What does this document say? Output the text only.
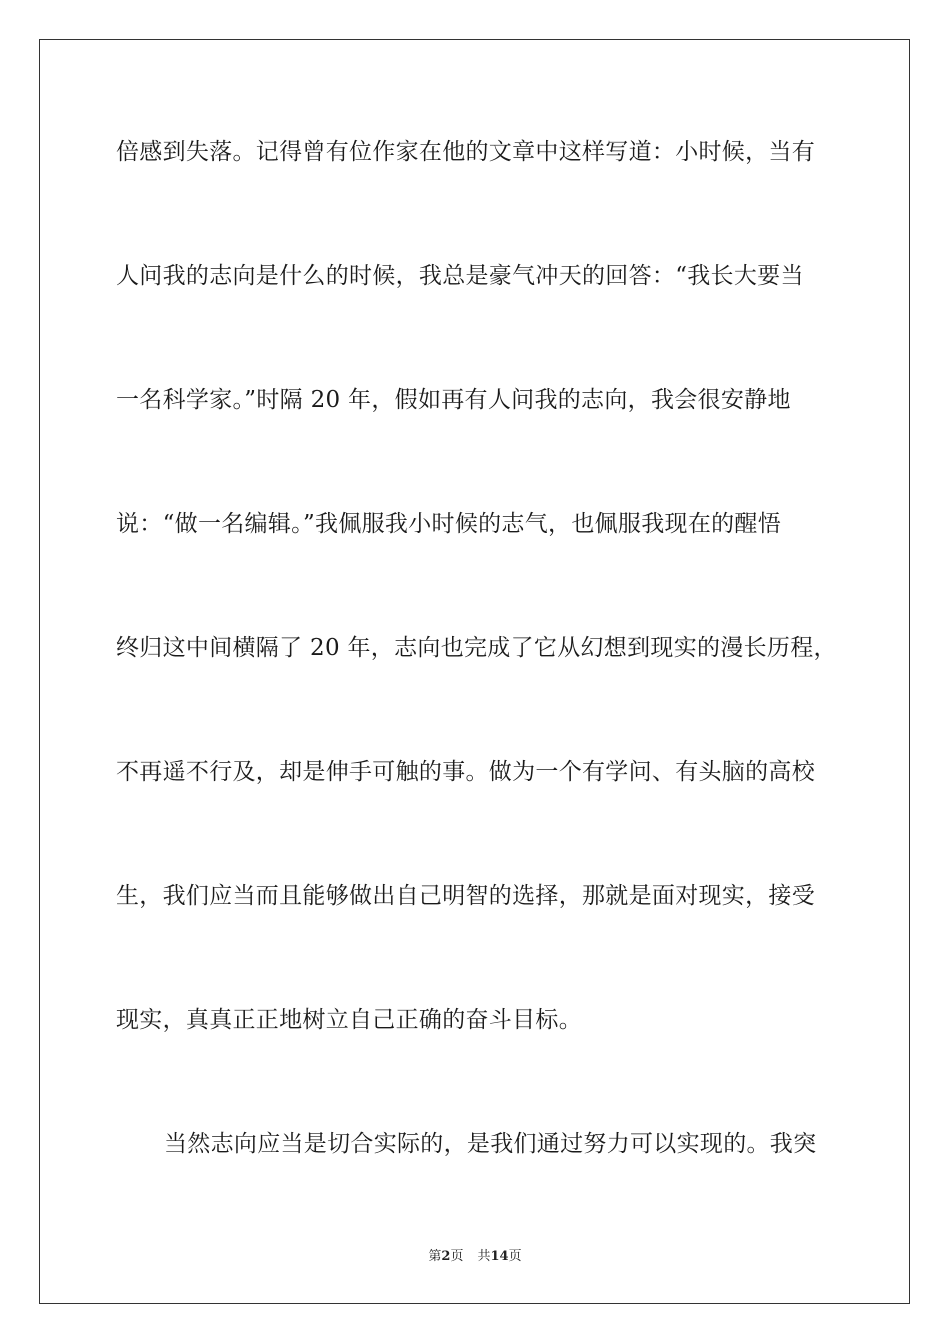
倍感到失落。记得曾有位作家在他的文章中这样写道：小时候，当有
人问我的志向是什么的时候，我总是豪气冲天的回答：“我长大要当
一名科学家。”时隔 20 年，假如再有人问我的志向，我会很安静地
说：“做一名编辑。”我佩服我小时候的志气，也佩服我现在的醒悟
终归这中间横隔了 20 年，志向也完成了它从幻想到现实的漫长历程，
不再遥不行及，却是伸手可触的事。做为一个有学问、有头脑的高校
生，我们应当而且能够做出自己明智的选择，那就是面对现实，接受
现实，真真正正地树立自己正确的奋斗目标。
当然志向应当是切合实际的，是我们通过努力可以实现的。我突
第2页 共14页
